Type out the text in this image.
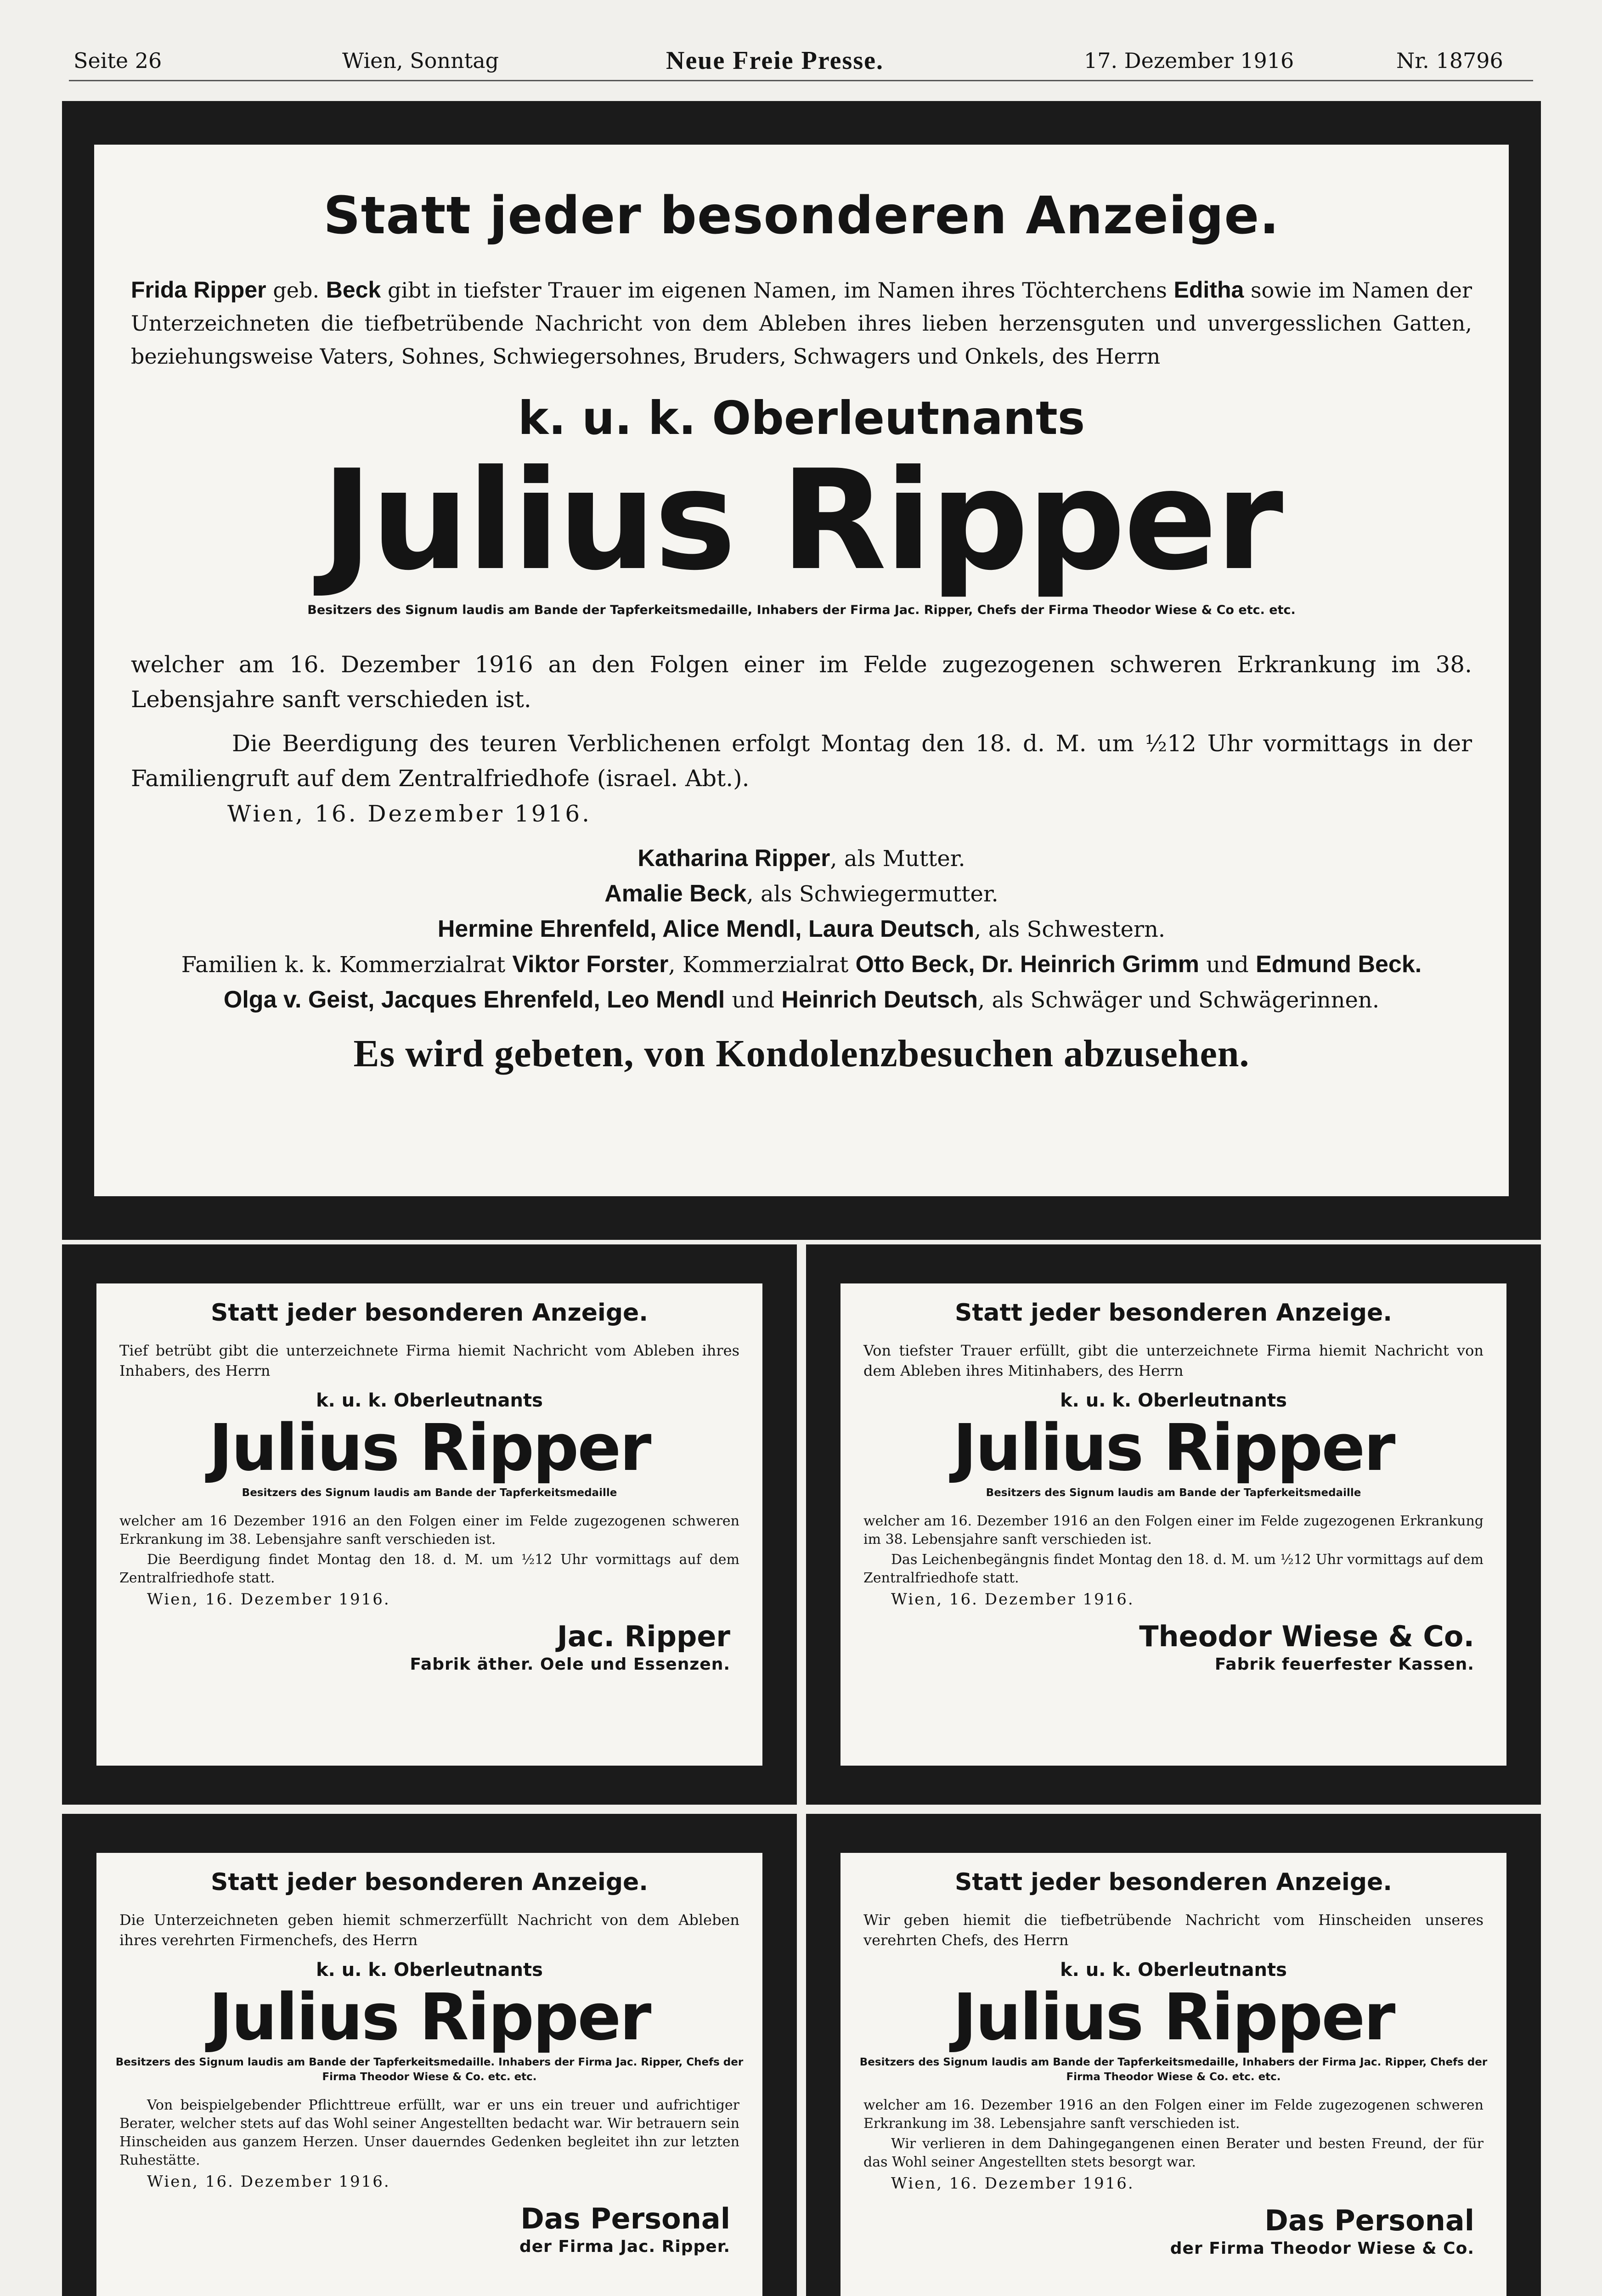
Seite 26	Wien, Sonntag	Neue Freie Presse.	17. Dezember 1916	Nr. 18796
Statt jeder besonderen Anzeige.

Frida Ripper geb. Beck gibt in tiefster Trauer im eigenen Namen, im Namen ihres Töchterchens Editha sowie im Namen der Unterzeichneten die tiefbetrübende Nachricht von dem Ableben ihres lieben herzensguten und unvergesslichen Gatten, beziehungsweise Vaters, Sohnes, Schwiegersohnes, Bruders, Schwagers und Onkels, des Herrn

k. u. k. Oberleutnants
Julius Ripper
Besitzers des Signum laudis am Bande der Tapferkeitsmedaille, Inhabers der Firma Jac. Ripper, Chefs der Firma Theodor Wiese & Co etc. etc.

welcher am 16. Dezember 1916 an den Folgen einer im Felde zugezogenen schweren Erkrankung im 38. Lebensjahre sanft verschieden ist.

Die Beerdigung des teuren Verblichenen erfolgt Montag den 18. d. M. um ½12 Uhr vormittags in der Familiengruft auf dem Zentralfriedhofe (israel. Abt.).

Wien, 16. Dezember 1916.
Katharina Ripper, als Mutter.
Amalie Beck, als Schwiegermutter.
Hermine Ehrenfeld, Alice Mendl, Laura Deutsch, als Schwestern.
Familien k. k. Kommerzialrat Viktor Forster, Kommerzialrat Otto Beck, Dr. Heinrich Grimm und Edmund Beck.
Olga v. Geist, Jacques Ehrenfeld, Leo Mendl und Heinrich Deutsch, als Schwäger und Schwägerinnen.
Es wird gebeten, von Kondolenzbesuchen abzusehen.
Statt jeder besonderen Anzeige.

Tief betrübt gibt die unterzeichnete Firma hiemit Nachricht vom Ableben ihres Inhabers, des Herrn

k. u. k. Oberleutnants
Julius Ripper
Besitzers des Signum laudis am Bande der Tapferkeitsmedaille

welcher am 16 Dezember 1916 an den Folgen einer im Felde zugezogenen schweren Erkrankung im 38. Lebensjahre sanft verschieden ist.

Die Beerdigung findet Montag den 18. d. M. um ½12 Uhr vormittags auf dem Zentralfriedhofe statt.

Wien, 16. Dezember 1916.
Jac. Ripper
Fabrik äther. Oele und Essenzen.
Statt jeder besonderen Anzeige.

Von tiefster Trauer erfüllt, gibt die unterzeichnete Firma hiemit Nachricht von dem Ableben ihres Mitinhabers, des Herrn

k. u. k. Oberleutnants
Julius Ripper
Besitzers des Signum laudis am Bande der Tapferkeitsmedaille

welcher am 16. Dezember 1916 an den Folgen einer im Felde zugezogenen Erkrankung im 38. Lebensjahre sanft verschieden ist.

Das Leichenbegängnis findet Montag den 18. d. M. um ½12 Uhr vormittags auf dem Zentralfriedhofe statt.

Wien, 16. Dezember 1916.
Theodor Wiese & Co.
Fabrik feuerfester Kassen.
Statt jeder besonderen Anzeige.

Die Unterzeichneten geben hiemit schmerzerfüllt Nachricht von dem Ableben ihres verehrten Firmenchefs, des Herrn

k. u. k. Oberleutnants
Julius Ripper
Besitzers des Signum laudis am Bande der Tapferkeitsmedaille. Inhabers der Firma Jac. Ripper, Chefs der Firma Theodor Wiese & Co. etc. etc.

Von beispielgebender Pflichttreue erfüllt, war er uns ein treuer und aufrichtiger Berater, welcher stets auf das Wohl seiner Angestellten bedacht war. Wir betrauern sein Hinscheiden aus ganzem Herzen. Unser dauerndes Gedenken begleitet ihn zur letzten Ruhestätte.

Wien, 16. Dezember 1916.
Das Personal
der Firma Jac. Ripper.
Statt jeder besonderen Anzeige.

Wir geben hiemit die tiefbetrübende Nachricht vom Hinscheiden unseres verehrten Chefs, des Herrn

k. u. k. Oberleutnants
Julius Ripper
Besitzers des Signum laudis am Bande der Tapferkeitsmedaille, Inhabers der Firma Jac. Ripper, Chefs der Firma Theodor Wiese & Co. etc. etc.

welcher am 16. Dezember 1916 an den Folgen einer im Felde zugezogenen schweren Erkrankung im 38. Lebensjahre sanft verschieden ist.

Wir verlieren in dem Dahingegangenen einen Berater und besten Freund, der für das Wohl seiner Angestellten stets besorgt war.

Wien, 16. Dezember 1916.
Das Personal
der Firma Theodor Wiese & Co.
